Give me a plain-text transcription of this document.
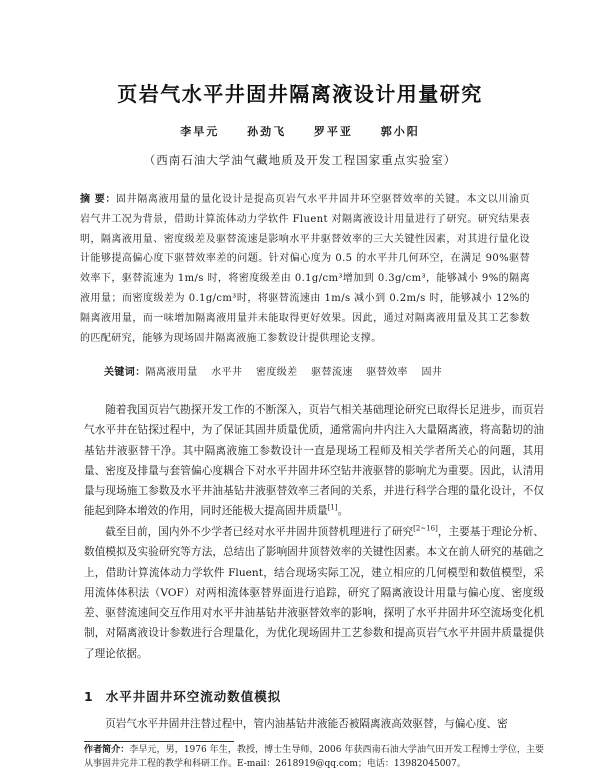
页岩气水平井固井隔离液设计用量研究
李早元 孙劲飞 罗平亚 郭小阳
（西南石油大学油气藏地质及开发工程国家重点实验室）
摘 要：固井隔离液用量的量化设计是提高页岩气水平井固井环空驱替效率的关键。本文以川渝页岩气井工况为背景，借助计算流体动力学软件 Fluent 对隔离液设计用量进行了研究。研究结果表明，隔离液用量、密度级差及驱替流速是影响水平井驱替效率的三大关键性因素，对其进行量化设计能够提高偏心度下驱替效率差的问题。针对偏心度为 0.5 的水平井几何环空，在满足 90%驱替效率下，驱替流速为 1m/s 时，将密度级差由 0.1g/cm³增加到 0.3g/cm³，能够减小 9%的隔离液用量；而密度级差为 0.1g/cm³时，将驱替流速由 1m/s 减小到 0.2m/s 时，能够减小 12%的隔离液用量，而一味增加隔离液用量并未能取得更好效果。因此，通过对隔离液用量及其工艺参数的匹配研究，能够为现场固井隔离液施工参数设计提供理论支撑。
关键词：隔离液用量 水平井 密度级差 驱替流速 驱替效率 固井
随着我国页岩气勘探开发工作的不断深入，页岩气相关基础理论研究已取得长足进步，而页岩气水平井在钻探过程中，为了保证其固井质量优质，通常需向井内注入大量隔离液，将高黏切的油基钻井液驱替干净。其中隔离液施工参数设计一直是现场工程师及相关学者所关心的问题，其用量、密度及排量与套管偏心度耦合下对水平井固井环空钻井液驱替的影响尤为重要。因此，认清用量与现场施工参数及水平井油基钻井液驱替效率三者间的关系，并进行科学合理的量化设计，不仅能起到降本增效的作用，同时还能极大提高固井质量[1]。
截至目前，国内外不少学者已经对水平井固井顶替机理进行了研究[2~16]，主要基于理论分析、数值模拟及实验研究等方法，总结出了影响固井顶替效率的关键性因素。本文在前人研究的基础之上，借助计算流体动力学软件 Fluent，结合现场实际工况，建立相应的几何模型和数值模型，采用流体体积法（VOF）对两相流体驱替界面进行追踪，研究了隔离液设计用量与偏心度、密度级差、驱替流速间交互作用对水平井油基钻井液驱替效率的影响，探明了水平井固井环空流场变化机制，对隔离液设计参数进行合理量化，为优化现场固井工艺参数和提高页岩气水平井固井质量提供了理论依据。
1 水平井固井环空流动数值模拟
页岩气水平井固井注替过程中，管内油基钻井液能否被隔离液高效驱替，与偏心度、密
作者简介：李早元，男，1976 年生，教授，博士生导师，2006 年获西南石油大学油气田开发工程博士学位，主要从事固井完井工程的教学和科研工作。E-mail：2618919@qq.com；电话：13982045007。
